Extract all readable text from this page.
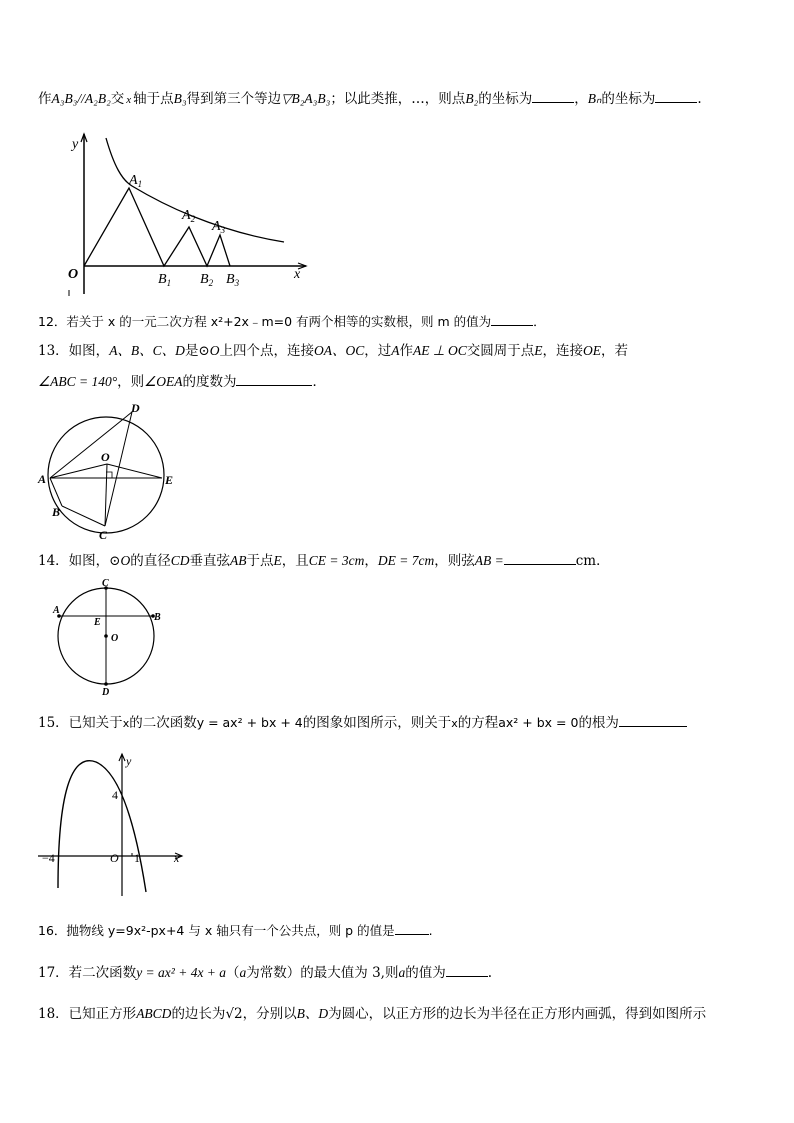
作A₃B₃//A₂B₂交 x 轴于点B₃得到第三个等边▽B₂A₃B₃；以此类推，…，则点B₂的坐标为	，Bₙ的坐标为	.
y
x
O
$A_1$
$A_2$ $A_3$
$B_1$ $B_2$ $B_3$
12．若关于 x 的一元二次方程 x²+2x﹣m=0 有两个相等的实数根，则 m 的值为	．
13．如图，A、B、C、D是⊙O上四个点，连接OA、OC，过A作AE ⊥ OC交圆周于点E，连接OE，若
∠ABC = 140°，则∠OEA的度数为	．
D
O
A	E
B
C
14．如图，⊙O的直径CD垂直弦AB于点E，且CE = 3cm，DE = 7cm，则弦AB =	cm．
C
A
B
E
O
D
15．已知关于x的二次函数y = ax² + bx + 4的图象如图所示，则关于x的方程ax² + bx = 0的根为
y
4
−4	O 1	x
16．抛物线 y=9x²-px+4 与 x 轴只有一个公共点，则 p 的值是	.
17．若二次函数y = ax² + 4x + a（a为常数）的最大值为 3,则a的值为	.
18．已知正方形ABCD的边长为√2，分别以B、D为圆心，以正方形的边长为半径在正方形内画弧，得到如图所示
